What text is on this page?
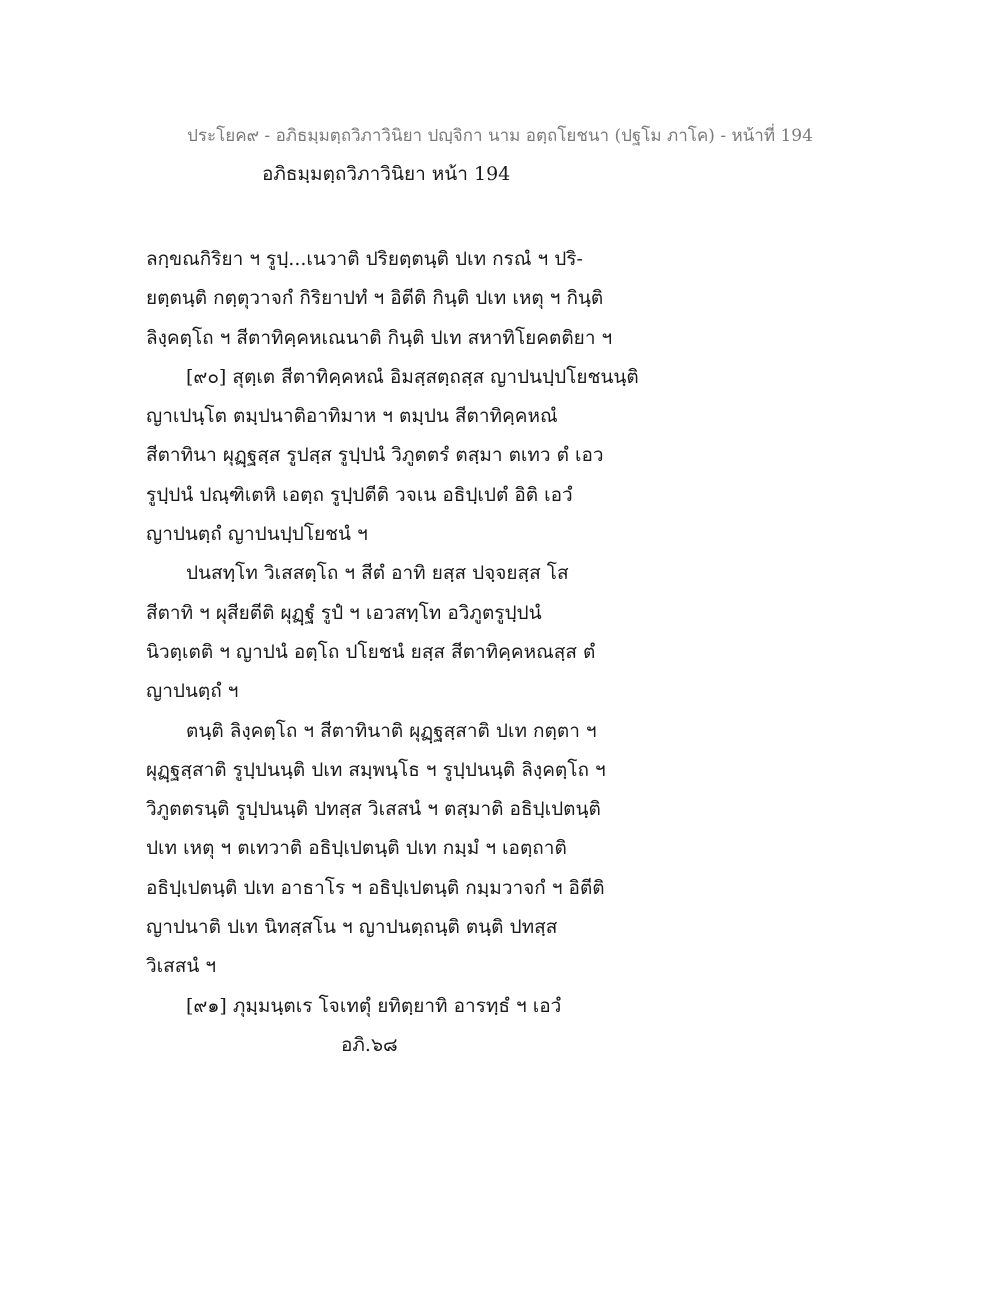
ประโยค๙ - อภิธมฺมตฺถวิภาวินิยา ปญฺจิกา นาม อตฺถโยชนา (ปฐโม ภาโค) - หน้าที่ 194
อภิธมฺมตฺถวิภาวินิยา หน้า 194
ลกฺขณกิริยา ฯ รูปฺ...เนวาติ ปริยตฺตนฺติ ปเท กรณํ ฯ ปริ-
ยตฺตนฺติ กตฺตุวาจกํ กิริยาปทํ ฯ อิตีติ กินฺติ ปเท เหตุ ฯ กินฺติ
ลิงฺคตฺโถ ฯ สีตาทิคฺคหเณนาติ กินฺติ ปเท สหาทิโยคตติยา ฯ
[๙๐] สุตฺเต สีตาทิคฺคหณํ อิมสฺสตฺถสฺส ญาปนปฺปโยชนนฺติ
ญาเปนฺโต ตมฺปนาติอาทิมาห ฯ ตมฺปน สีตาทิคฺคหณํ
สีตาทินา ผุฏฺฐสฺส รูปสฺส รูปฺปนํ วิภูตตรํ ตสฺมา ตเทว ตํ เอว
รูปฺปนํ ปณฺฑิเตหิ เอตฺถ รูปฺปตีติ วจเน อธิปฺเปตํ อิติ เอวํ
ญาปนตฺถํ ญาปนปฺปโยชนํ ฯ
ปนสทฺโท วิเสสตฺโถ ฯ สีตํ อาทิ ยสฺส ปจฺจยสฺส โส
สีตาทิ ฯ ผุสียตีติ ผุฏฺฐํ รูปํ ฯ เอวสทฺโท อวิภูตรูปฺปนํ
นิวตฺเตติ ฯ ญาปนํ อตฺโถ ปโยชนํ ยสฺส สีตาทิคฺคหณสฺส ตํ
ญาปนตฺถํ ฯ
ตนฺติ ลิงฺคตฺโถ ฯ สีตาทินาติ ผุฏฺฐสฺสาติ ปเท กตฺตา ฯ
ผุฏฺฐสฺสาติ รูปฺปนนฺติ ปเท สมฺพนฺโธ ฯ รูปฺปนนฺติ ลิงฺคตฺโถ ฯ
วิภูตตรนฺติ รูปฺปนนฺติ ปทสฺส วิเสสนํ ฯ ตสฺมาติ อธิปฺเปตนฺติ
ปเท เหตุ ฯ ตเทวาติ อธิปฺเปตนฺติ ปเท กมฺมํ ฯ เอตฺถาติ
อธิปฺเปตนฺติ ปเท อาธาโร ฯ อธิปฺเปตนฺติ กมฺมวาจกํ ฯ อิตีติ
ญาปนาติ ปเท นิทสฺสโน ฯ ญาปนตฺถนฺติ ตนฺติ ปทสฺส
วิเสสนํ ฯ
[๙๑] ภุมฺมนฺตเร โจเทตุํ ยทิตฺยาทิ อารทฺธํ ฯ เอวํ
อภิ.๖๘
